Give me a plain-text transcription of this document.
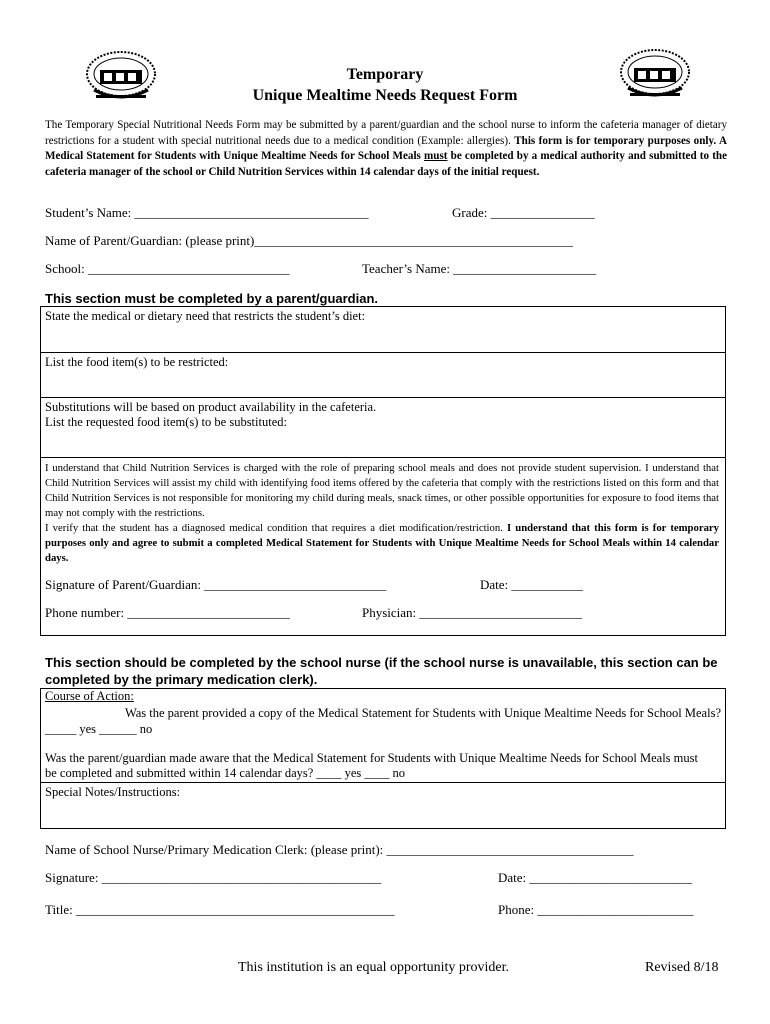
Temporary
Unique Mealtime Needs Request Form
The Temporary Special Nutritional Needs Form may be submitted by a parent/guardian and the school nurse to inform the cafeteria manager of dietary restrictions for a student with special nutritional needs due to a medical condition (Example: allergies). This form is for temporary purposes only. A Medical Statement for Students with Unique Mealtime Needs for School Meals must be completed by a medical authority and submitted to the cafeteria manager of the school or Child Nutrition Services within 14 calendar days of the initial request.
Student’s Name: ____________________________________	Grade: ________________
Name of Parent/Guardian: (please print)_________________________________________________
School: _______________________________	Teacher’s Name: ______________________
This section must be completed by a parent/guardian.
State the medical or dietary need that restricts the student’s diet:
List the food item(s) to be restricted:
Substitutions will be based on product availability in the cafeteria.
List the requested food item(s) to be substituted:
I understand that Child Nutrition Services is charged with the role of preparing school meals and does not provide student supervision. I understand that Child Nutrition Services will assist my child with identifying food items offered by the cafeteria that comply with the restrictions listed on this form and that Child Nutrition Services is not responsible for monitoring my child during meals, snack times, or other possible opportunities for exposure to food items that may not comply with the restrictions.
I verify that the student has a diagnosed medical condition that requires a diet modification/restriction. I understand that this form is for temporary purposes only and agree to submit a completed Medical Statement for Students with Unique Mealtime Needs for School Meals within 14 calendar days.
Signature of Parent/Guardian: ____________________________	Date: ___________
Phone number: _________________________	Physician: _________________________
This section should be completed by the school nurse (if the school nurse is unavailable, this section can be completed by the primary medication clerk).
Course of Action:
Was the parent provided a copy of the Medical Statement for Students with Unique Mealtime Needs for School Meals?
_____ yes ______ no
Was the parent/guardian made aware that the Medical Statement for Students with Unique Mealtime Needs for School Meals must be completed and submitted within 14 calendar days? ____ yes ____ no
Special Notes/Instructions:
Name of School Nurse/Primary Medication Clerk: (please print): ______________________________________
Signature: ___________________________________________	Date: _________________________
Title: _________________________________________________	Phone: ________________________
This institution is an equal opportunity provider.	Revised 8/18
